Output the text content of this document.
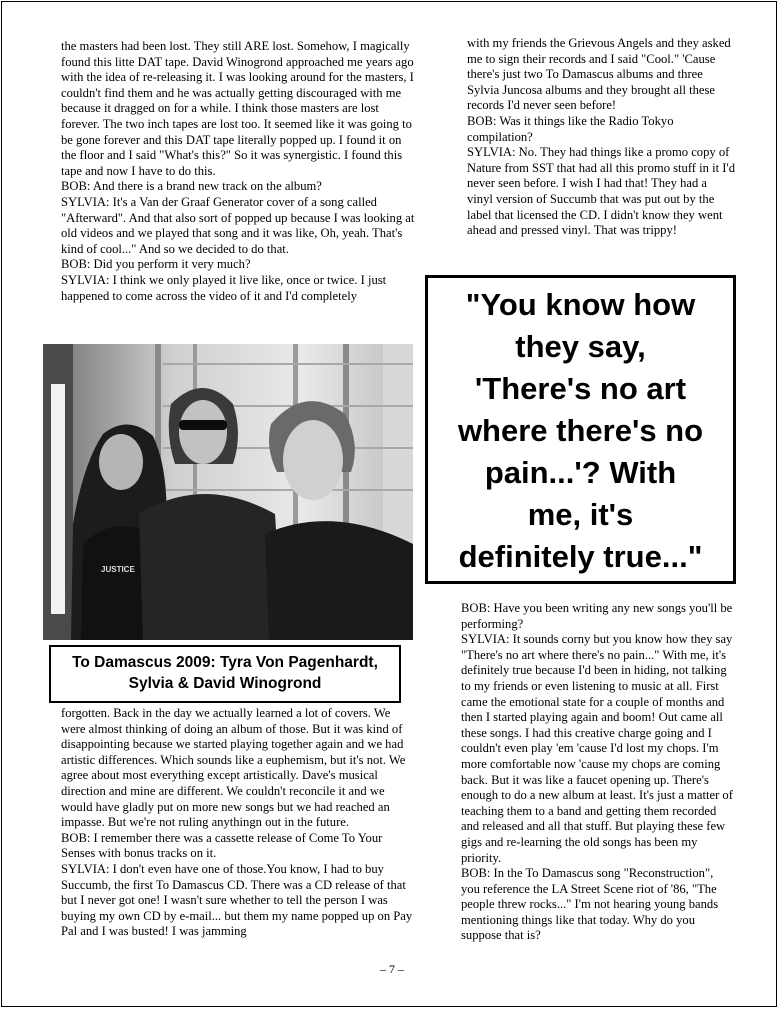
the masters had been lost. They still ARE lost. Somehow, I magically found this litte DAT tape. David Winogrond approached me years ago with the idea of re-releasing it. I was looking around for the masters, I couldn't find them and he was actually getting discouraged with me because it dragged on for a while. I think those masters are lost forever. The two inch tapes are lost too. It seemed like it was going to be gone forever and this DAT tape literally popped up. I found it on the floor and I said "What's this?" So it was synergistic. I found this tape and now I have to do this.

BOB: And there is a brand new track on the album?

SYLVIA: It's a Van der Graaf Generator cover of a song called "Afterward". And that also sort of popped up because I was looking at old videos and we played that song and it was like, Oh, yeah. That's kind of cool..." And so we decided to do that.

BOB: Did you perform it very much?

SYLVIA: I think we only played it live like, once or twice. I just happened to come across the video of it and I'd completely

with my friends the Grievous Angels and they asked me to sign their records and I said "Cool." 'Cause there's just two To Damascus albums and three Sylvia Juncosa albums and they brought all these records I'd never seen before!

BOB: Was it things like the Radio Tokyo compilation?

SYLVIA: No. They had things like a promo copy of Nature from SST that had all this promo stuff in it I'd never seen before. I wish I had that! They had a vinyl version of Succumb that was put out by the label that licensed the CD. I didn't know they went ahead and pressed vinyl. That was trippy!

JUSTICE
To Damascus 2009: Tyra Von Pagenhardt,
Sylvia & David Winogrond
"You know how
they say,
'There's no art
where there's no
pain...'? With
me, it's
definitely true..."

forgotten. Back in the day we actually learned a lot of covers. We were almost thinking of doing an album of those. But it was kind of disappointing because we started playing together again and we had artistic differences. Which sounds like a euphemism, but it's not. We agree about most everything except artistically. Dave's musical direction and mine are different. We couldn't reconcile it and we would have gladly put on more new songs but we had reached an impasse. But we're not ruling anythingn out in the future.

BOB: I remember there was a cassette release of Come To Your Senses with bonus tracks on it.

SYLVIA: I don't even have one of those.You know, I had to buy Succumb, the first To Damascus CD. There was a CD release of that but I never got one! I wasn't sure whether to tell the person I was buying my own CD by e-mail... but them my name popped up on Pay Pal and I was busted! I was jamming

BOB: Have you been writing any new songs you'll be performing?

SYLVIA: It sounds corny but you know how they say "There's no art where there's no pain..." With me, it's definitely true because I'd been in hiding, not talking to my friends or even listening to music at all. First came the emotional state for a couple of months and then I started playing again and boom! Out came all these songs. I had this creative charge going and I couldn't even play 'em 'cause I'd lost my chops. I'm more comfortable now 'cause my chops are coming back. But it was like a faucet opening up. There's enough to do a new album at least. It's just a matter of teaching them to a band and getting them recorded and released and all that stuff. But playing these few gigs and re-learning the old songs has been my priority.

BOB: In the To Damascus song "Reconstruction", you reference the LA Street Scene riot of '86, "The people threw rocks..." I'm not hearing young bands mentioning things like that today. Why do you suppose that is?

– 7 –
